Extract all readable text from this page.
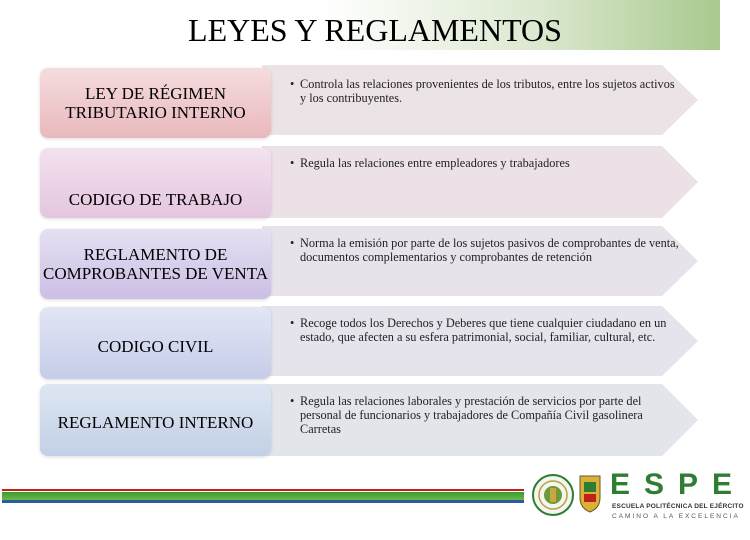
LEYES Y REGLAMENTOS
LEY DE RÉGIMEN TRIBUTARIO INTERNO
• Controla las relaciones provenientes de los tributos, entre los sujetos activos y los contribuyentes.
CODIGO DE TRABAJO
• Regula las relaciones entre empleadores y trabajadores
REGLAMENTO DE COMPROBANTES DE VENTA
• Norma la emisión por parte de los sujetos pasivos de comprobantes de venta, documentos complementarios y comprobantes de retención
CODIGO CIVIL
• Recoge todos los Derechos y Deberes que tiene cualquier ciudadano en un estado, que afecten a su esfera patrimonial, social, familiar, cultural, etc.
REGLAMENTO INTERNO
• Regula las relaciones laborales y prestación de servicios por parte del personal de funcionarios y trabajadores de Compañía Civil gasolinera Carretas
ESPE
ESCUELA POLITÉCNICA DEL EJÉRCITO
CAMINO A LA EXCELENCIA
